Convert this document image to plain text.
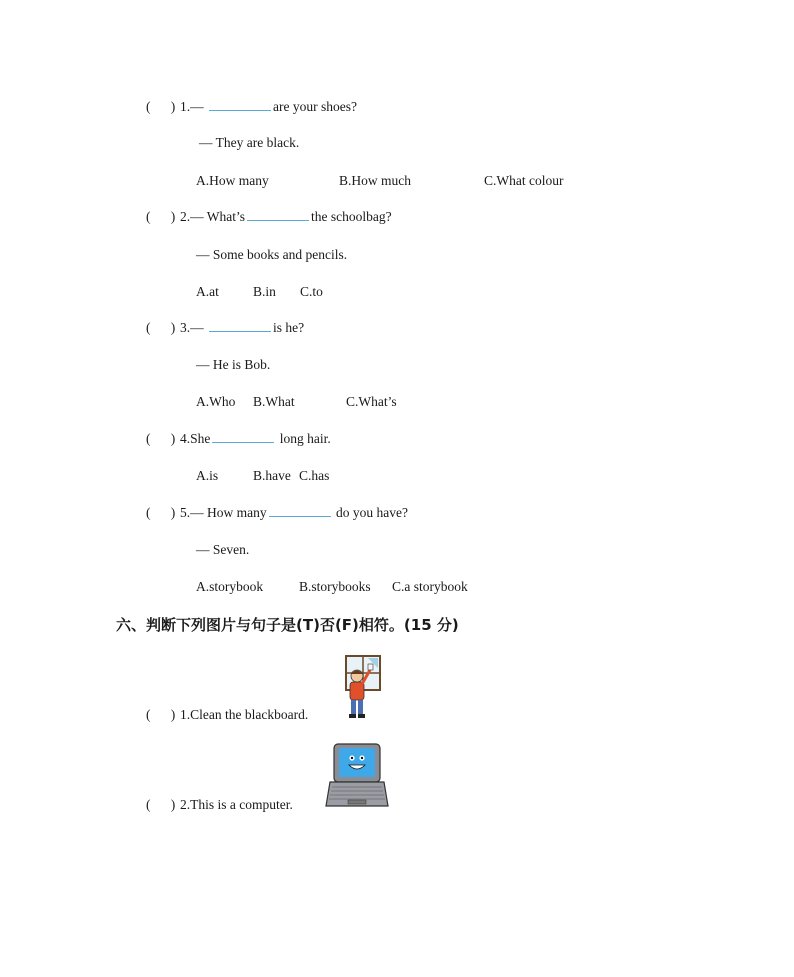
( ) 1.—	are your shoes?
— They are black.
A.How many	B.How much	C.What colour
( ) 2.— What’s	the schoolbag?
— Some books and pencils.
A.at	B.in C.to
( ) 3.—	is he?
— He is Bob.
A.Who B.What	C.What’s
( ) 4.She	long hair.
A.is	B.have C.has
( ) 5.— How many	do you have?
— Seven.
A.storybook	B.storybooks C.a storybook
六、判断下列图片与句子是(T)否(F)相符。(15 分)
( ) 1.Clean the blackboard.
( ) 2.This is a computer.
